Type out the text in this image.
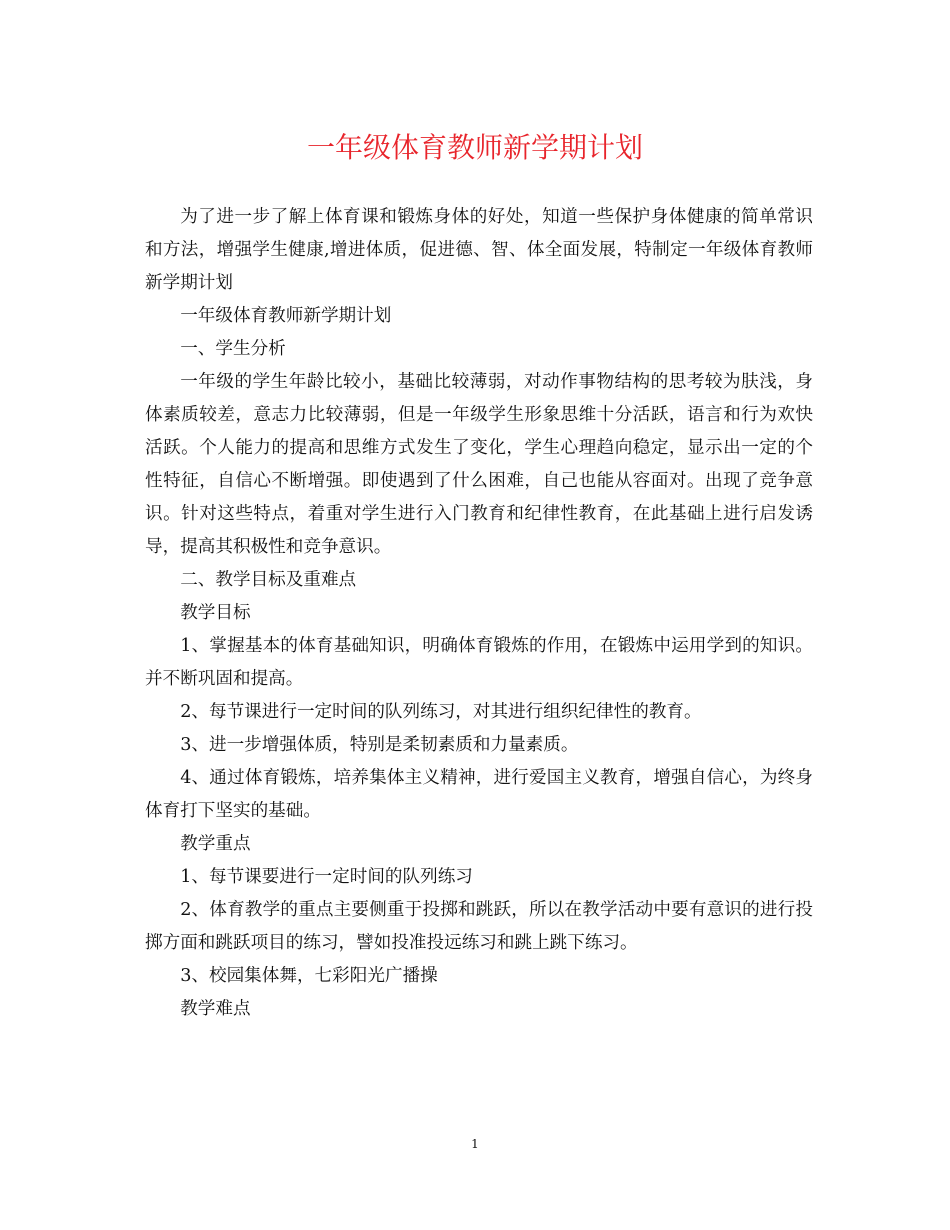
一年级体育教师新学期计划

为了进一步了解上体育课和锻炼身体的好处，知道一些保护身体健康的简单常识和方法，增强学生健康,增进体质，促进德、智、体全面发展，特制定一年级体育教师新学期计划

一年级体育教师新学期计划

一、学生分析

一年级的学生年龄比较小，基础比较薄弱，对动作事物结构的思考较为肤浅，身体素质较差，意志力比较薄弱，但是一年级学生形象思维十分活跃，语言和行为欢快活跃。个人能力的提高和思维方式发生了变化，学生心理趋向稳定，显示出一定的个性特征，自信心不断增强。即使遇到了什么困难，自己也能从容面对。出现了竞争意识。针对这些特点，着重对学生进行入门教育和纪律性教育，在此基础上进行启发诱导，提高其积极性和竞争意识。

二、教学目标及重难点

教学目标

1、掌握基本的体育基础知识，明确体育锻炼的作用，在锻炼中运用学到的知识。并不断巩固和提高。

2、每节课进行一定时间的队列练习，对其进行组织纪律性的教育。

3、进一步增强体质，特别是柔韧素质和力量素质。

4、通过体育锻炼，培养集体主义精神，进行爱国主义教育，增强自信心，为终身体育打下坚实的基础。

教学重点

1、每节课要进行一定时间的队列练习

2、体育教学的重点主要侧重于投掷和跳跃，所以在教学活动中要有意识的进行投掷方面和跳跃项目的练习，譬如投准投远练习和跳上跳下练习。

3、校园集体舞，七彩阳光广播操

教学难点

1
